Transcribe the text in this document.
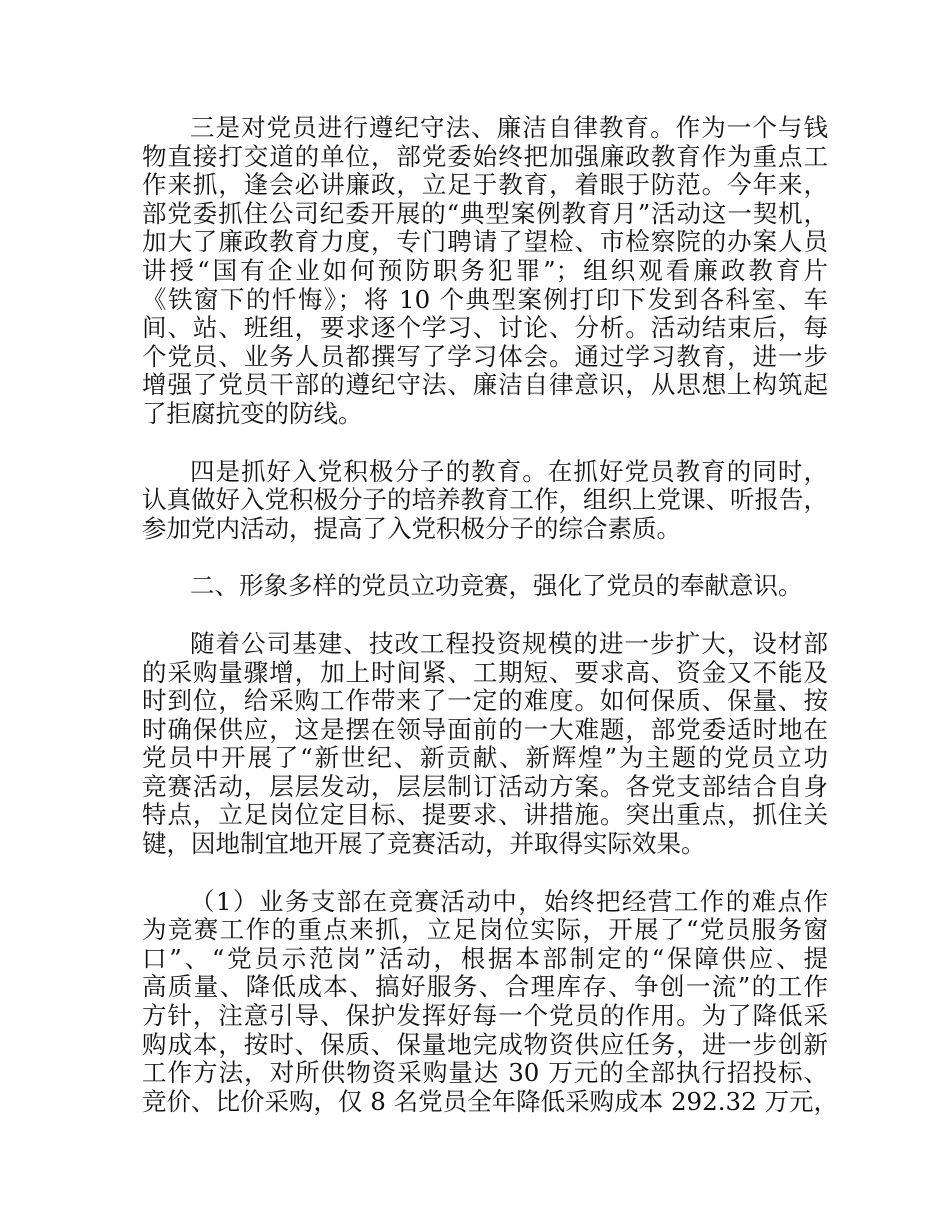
三是对党员进行遵纪守法、廉洁自律教育。作为一个与钱
物直接打交道的单位，部党委始终把加强廉政教育作为重点工
作来抓，逢会必讲廉政，立足于教育，着眼于防范。今年来，
部党委抓住公司纪委开展的“典型案例教育月”活动这一契机，
加大了廉政教育力度，专门聘请了望检、市检察院的办案人员
讲授“国有企业如何预防职务犯罪”；组织观看廉政教育片
《铁窗下的忏悔》；将 10 个典型案例打印下发到各科室、车
间、站、班组，要求逐个学习、讨论、分析。活动结束后，每
个党员、业务人员都撰写了学习体会。通过学习教育，进一步
增强了党员干部的遵纪守法、廉洁自律意识，从思想上构筑起
了拒腐抗变的防线。
四是抓好入党积极分子的教育。在抓好党员教育的同时，
认真做好入党积极分子的培养教育工作，组织上党课、听报告，
参加党内活动，提高了入党积极分子的综合素质。
二、形象多样的党员立功竞赛，强化了党员的奉献意识。
随着公司基建、技改工程投资规模的进一步扩大，设材部
的采购量骤增，加上时间紧、工期短、要求高、资金又不能及
时到位，给采购工作带来了一定的难度。如何保质、保量、按
时确保供应，这是摆在领导面前的一大难题，部党委适时地在
党员中开展了“新世纪、新贡献、新辉煌”为主题的党员立功
竞赛活动，层层发动，层层制订活动方案。各党支部结合自身
特点，立足岗位定目标、提要求、讲措施。突出重点，抓住关
键，因地制宜地开展了竞赛活动，并取得实际效果。
（1）业务支部在竞赛活动中，始终把经营工作的难点作
为竞赛工作的重点来抓，立足岗位实际，开展了“党员服务窗
口”、“党员示范岗”活动，根据本部制定的“保障供应、提
高质量、降低成本、搞好服务、合理库存、争创一流”的工作
方针，注意引导、保护发挥好每一个党员的作用。为了降低采
购成本，按时、保质、保量地完成物资供应任务，进一步创新
工作方法，对所供物资采购量达 30 万元的全部执行招投标、
竞价、比价采购，仅 8 名党员全年降低采购成本 292.32 万元，
